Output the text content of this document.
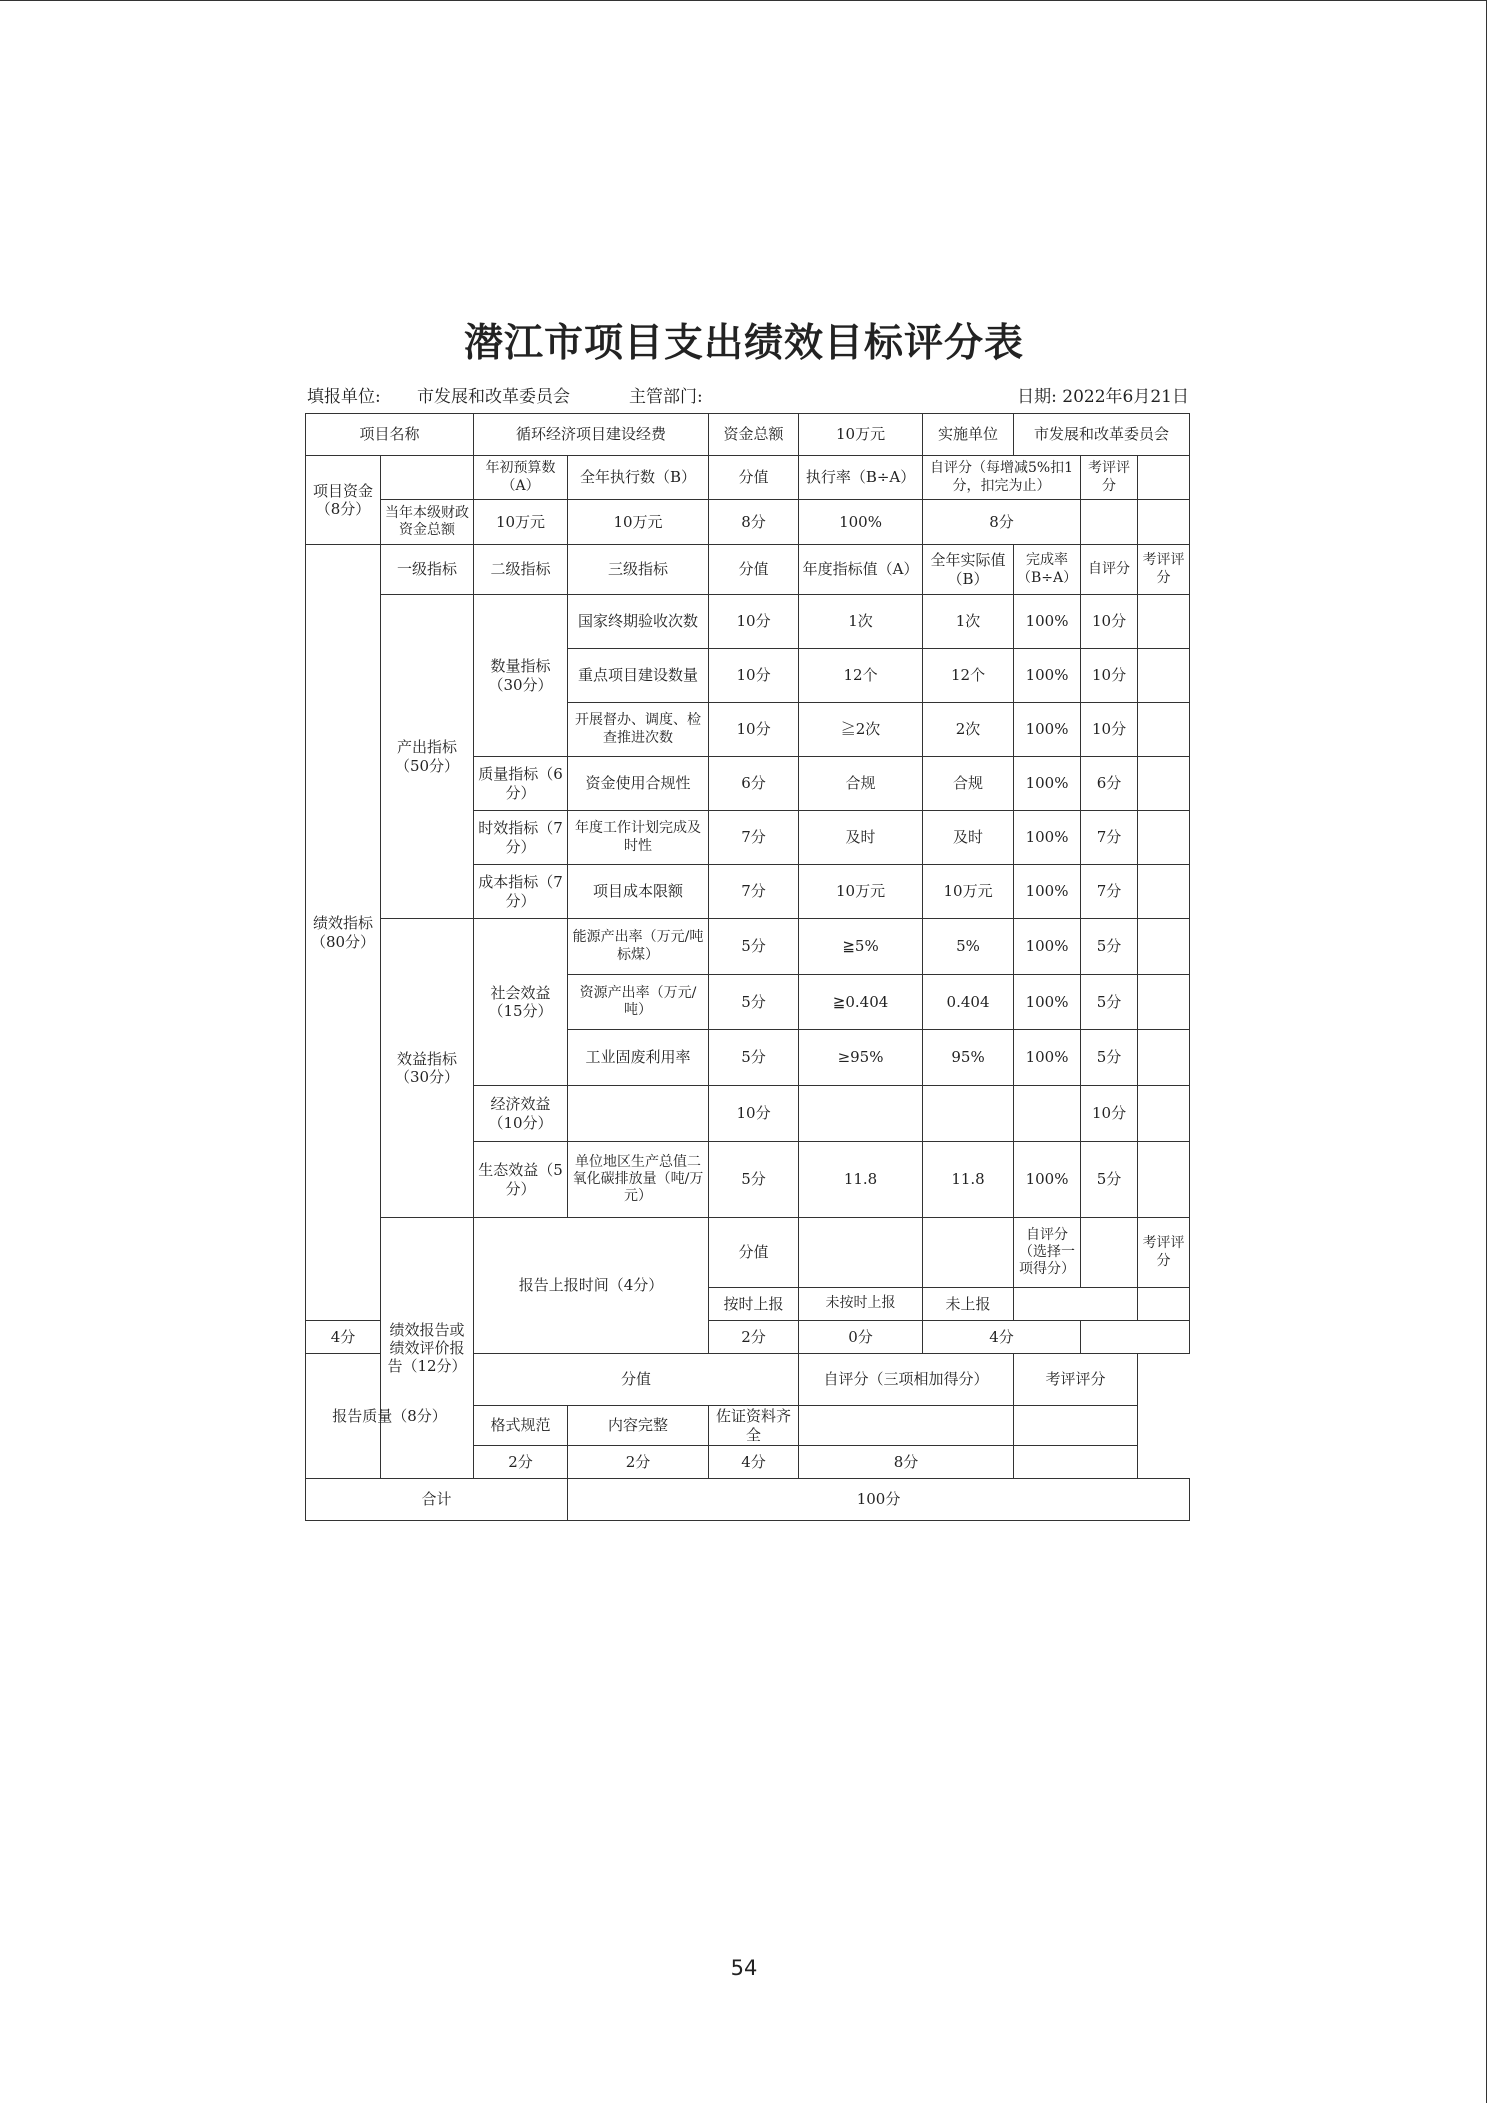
潜江市项目支出绩效目标评分表
填报单位: 市发展和改革委员会	主管部门:	日期: 2022年6月21日
项目名称		循环经济项目建设经费		资金总额	10万元	实施单位	市发展和改革委员会			
项目资金（8分）		年初预算数（A）	全年执行数（B）	分值	执行率（B÷A）	自评分（每增减5%扣1分，扣完为止）		考评评分		
	当年本级财政资金总额	10万元	10万元	8分	100%	8分				
绩效指标（80分）	一级指标	二级指标	三级指标	分值	年度指标值（A）	全年实际值（B）	完成率（B÷A）	自评分	考评评分	
	产出指标（50分）	数量指标（30分）	国家终期验收次数	10分	1次	1次	100%	10分		
			重点项目建设数量	10分	12个	12个	100%	10分		
			开展督办、调度、检查推进次数	10分	≧2次	2次	100%	10分		
		质量指标（6分）	资金使用合规性	6分	合规	合规	100%	6分		
		时效指标（7分）	年度工作计划完成及时性	7分	及时	及时	100%	7分		
		成本指标（7分）	项目成本限额	7分	10万元	10万元	100%	7分		
	效益指标（30分）	社会效益（15分）	能源产出率（万元/吨标煤）	5分	≧5%	5%	100%	5分		
			资源产出率（万元/吨）	5分	≧0.404	0.404	100%	5分		
			工业固废利用率	5分	≥95%	95%	100%	5分		
		经济效益（10分）		10分				10分		
		生态效益（5分）	单位地区生产总值二氧化碳排放量（吨/万元）	5分	11.8	11.8	100%	5分		
	绩效报告或绩效评价报告（12分）	报告上报时间（4分）		分值			自评分（选择一项得分）		考评评分	
				按时上报	未按时上报	未上报				
4分				2分	0分	4分				
报告质量（8分）		分值			自评分（三项相加得分）		考评评分			
		格式规范	内容完整	佐证资料齐全						
		2分	2分	4分	8分					
合计			100分							
54
